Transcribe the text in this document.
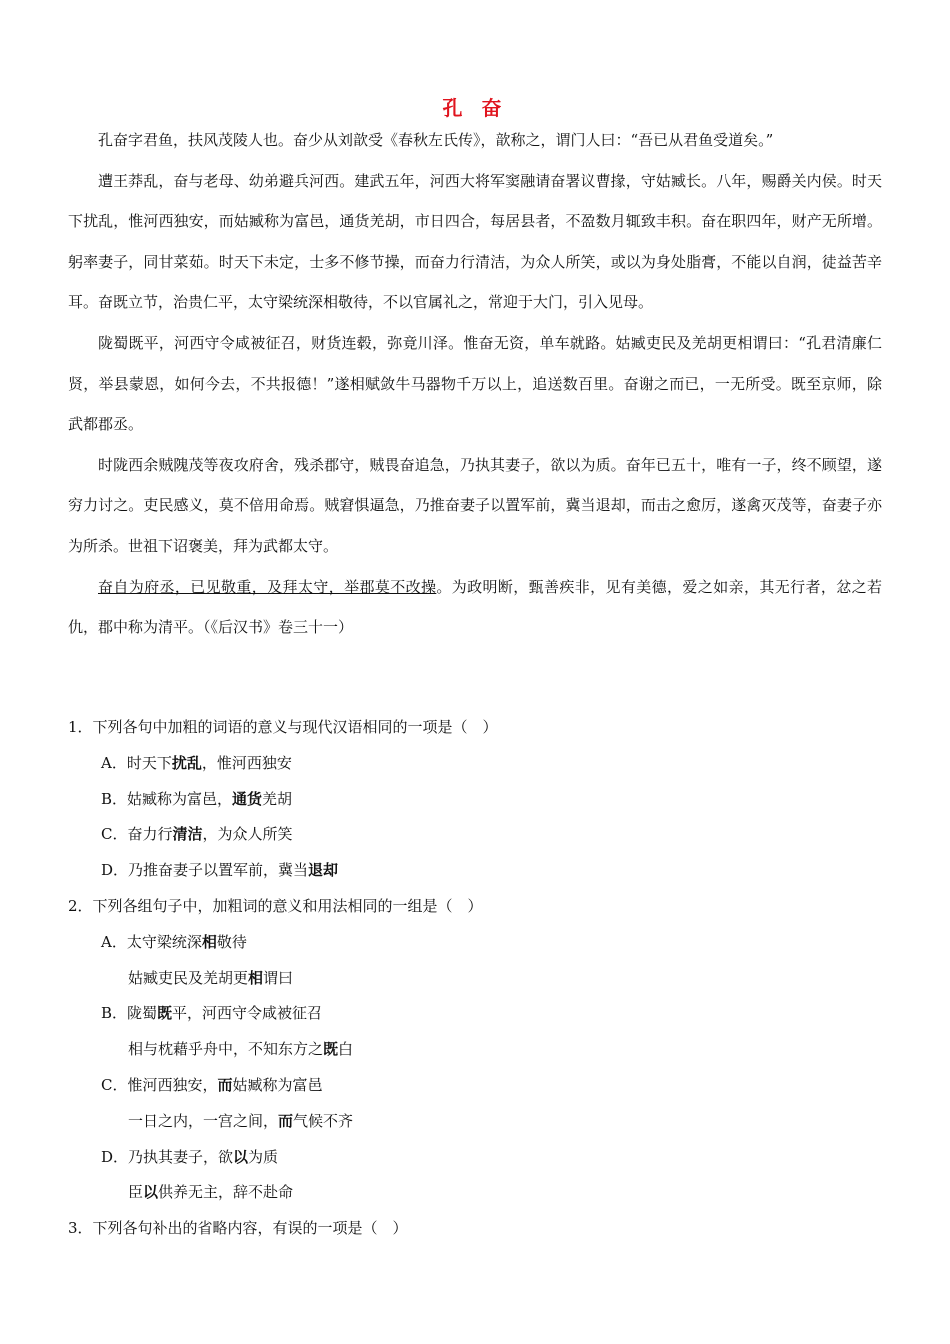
孔 奋

孔奋字君鱼，扶风茂陵人也。奋少从刘歆受《春秋左氏传》，歆称之，谓门人曰：“吾已从君鱼受道矣。”

遭王莽乱，奋与老母、幼弟避兵河西。建武五年，河西大将军窦融请奋署议曹掾，守姑臧长。八年，赐爵关内侯。时天下扰乱，惟河西独安，而姑臧称为富邑，通货羌胡，市日四合，每居县者，不盈数月辄致丰积。奋在职四年，财产无所增。躬率妻子，同甘菜茹。时天下未定，士多不修节操，而奋力行清洁，为众人所笑，或以为身处脂膏，不能以自润，徒益苦辛耳。奋既立节，治贵仁平，太守梁统深相敬待，不以官属礼之，常迎于大门，引入见母。

陇蜀既平，河西守令咸被征召，财货连毂，弥竟川泽。惟奋无资，单车就路。姑臧吏民及羌胡更相谓曰：“孔君清廉仁贤，举县蒙恩，如何今去，不共报德！”遂相赋敛牛马器物千万以上，追送数百里。奋谢之而已，一无所受。既至京师，除武都郡丞。

时陇西余贼隗茂等夜攻府舍，残杀郡守，贼畏奋追急，乃执其妻子，欲以为质。奋年已五十，唯有一子，终不顾望，遂穷力讨之。吏民感义，莫不倍用命焉。贼窘惧逼急，乃推奋妻子以置军前，冀当退却，而击之愈厉，遂禽灭茂等，奋妻子亦为所杀。世祖下诏褒美，拜为武都太守。

奋自为府丞，已见敬重，及拜太守，举郡莫不改操。为政明断，甄善疾非，见有美德，爱之如亲，其无行者，忿之若仇，郡中称为清平。（《后汉书》卷三十一）

1．下列各句中加粗的词语的意义与现代汉语相同的一项是（　）

A．时天下扰乱，惟河西独安

B．姑臧称为富邑，通货羌胡

C．奋力行清洁，为众人所笑

D．乃推奋妻子以置军前，冀当退却

2．下列各组句子中，加粗词的意义和用法相同的一组是（　）

A．太守梁统深相敬待

姑臧吏民及羌胡更相谓曰

B．陇蜀既平，河西守令咸被征召

相与枕藉乎舟中，不知东方之既白

C．惟河西独安，而姑臧称为富邑

一日之内，一宫之间，而气候不齐

D．乃执其妻子，欲以为质

臣以供养无主，辞不赴命

3．下列各句补出的省略内容，有误的一项是（　）
